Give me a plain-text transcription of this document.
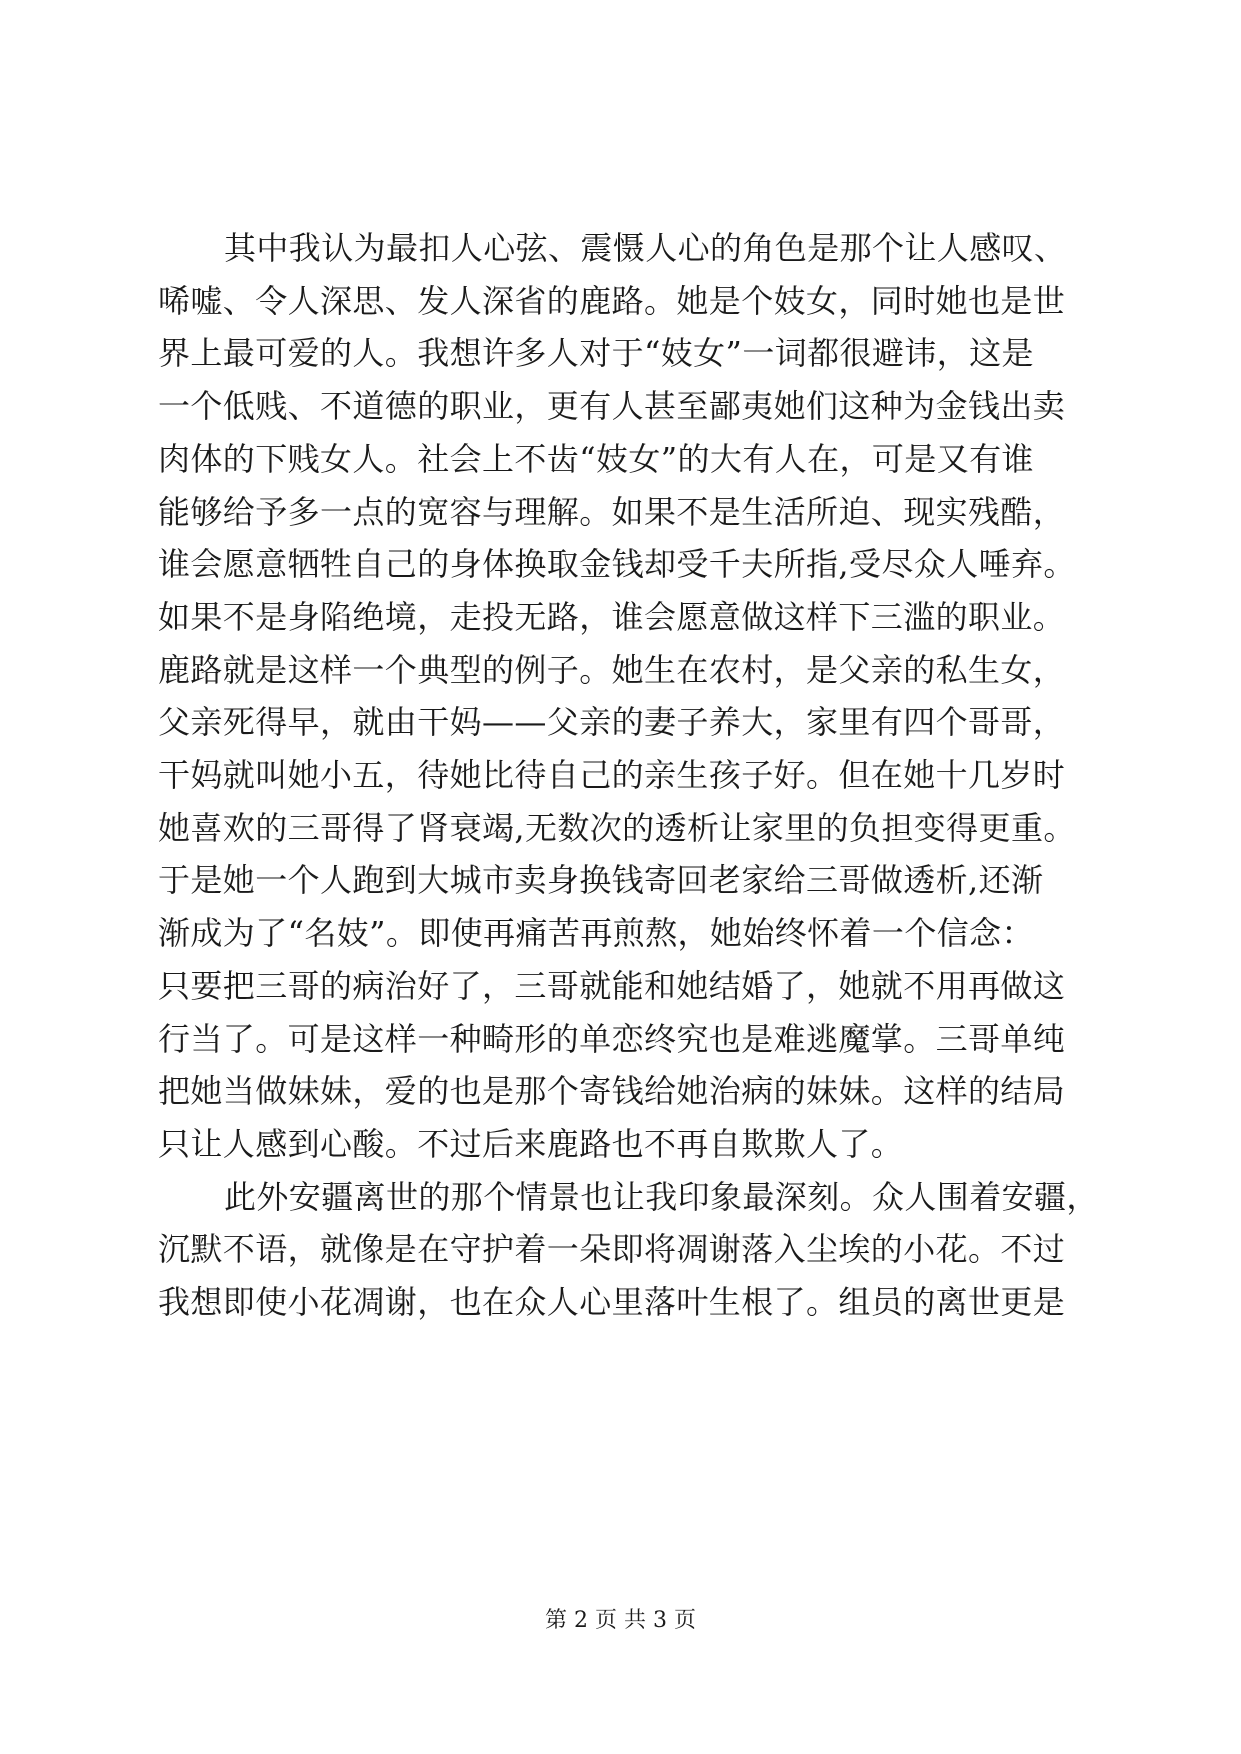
其中我认为最扣人心弦、震慑人心的角色是那个让人感叹、
唏嘘、令人深思、发人深省的鹿路。她是个妓女，同时她也是世
界上最可爱的人。我想许多人对于“妓女”一词都很避讳，这是
一个低贱、不道德的职业，更有人甚至鄙夷她们这种为金钱出卖
肉体的下贱女人。社会上不齿“妓女”的大有人在，可是又有谁
能够给予多一点的宽容与理解。如果不是生活所迫、现实残酷，
谁会愿意牺牲自己的身体换取金钱却受千夫所指,受尽众人唾弃。
如果不是身陷绝境，走投无路，谁会愿意做这样下三滥的职业。
鹿路就是这样一个典型的例子。她生在农村，是父亲的私生女，
父亲死得早，就由干妈——父亲的妻子养大，家里有四个哥哥，
干妈就叫她小五，待她比待自己的亲生孩子好。但在她十几岁时
她喜欢的三哥得了肾衰竭,无数次的透析让家里的负担变得更重。
于是她一个人跑到大城市卖身换钱寄回老家给三哥做透析,还渐
渐成为了“名妓”。即使再痛苦再煎熬，她始终怀着一个信念：
只要把三哥的病治好了，三哥就能和她结婚了，她就不用再做这
行当了。可是这样一种畸形的单恋终究也是难逃魔掌。三哥单纯
把她当做妹妹，爱的也是那个寄钱给她治病的妹妹。这样的结局
只让人感到心酸。不过后来鹿路也不再自欺欺人了。
此外安疆离世的那个情景也让我印象最深刻。众人围着安疆，
沉默不语，就像是在守护着一朵即将凋谢落入尘埃的小花。不过
我想即使小花凋谢，也在众人心里落叶生根了。组员的离世更是
第 2 页 共 3 页
